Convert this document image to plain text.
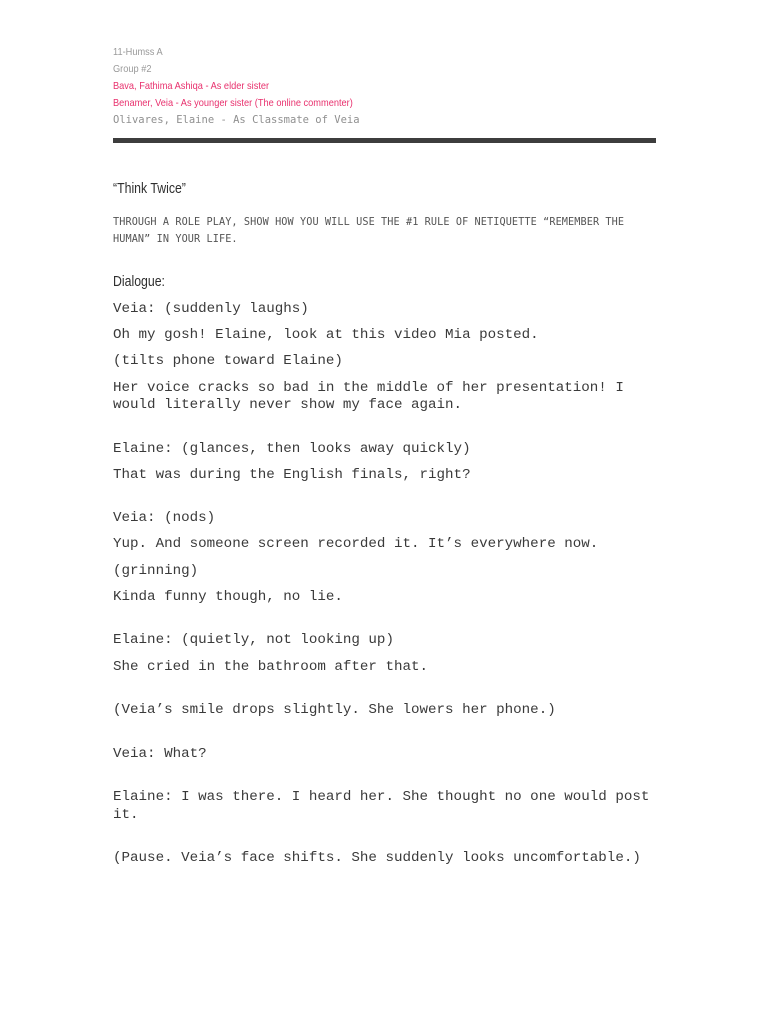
11-Humss A
Group #2
Bava, Fathima Ashiqa - As elder sister
Benamer, Veia - As younger sister (The online commenter)
Olivares, Elaine - As Classmate of Veia
“Think Twice”
THROUGH A ROLE PLAY, SHOW HOW YOU WILL USE THE #1 RULE OF NETIQUETTE “REMEMBER THE HUMAN” IN YOUR LIFE.
Dialogue:
Veia: (suddenly laughs)
Oh my gosh! Elaine, look at this video Mia posted.
(tilts phone toward Elaine)
Her voice cracks so bad in the middle of her presentation! I would literally never show my face again.
Elaine: (glances, then looks away quickly)
That was during the English finals, right?
Veia: (nods)
Yup. And someone screen recorded it. It’s everywhere now.
(grinning)
Kinda funny though, no lie.
Elaine: (quietly, not looking up)
She cried in the bathroom after that.
(Veia’s smile drops slightly. She lowers her phone.)
Veia: What?
Elaine: I was there. I heard her. She thought no one would post it.
(Pause. Veia’s face shifts. She suddenly looks uncomfortable.)
